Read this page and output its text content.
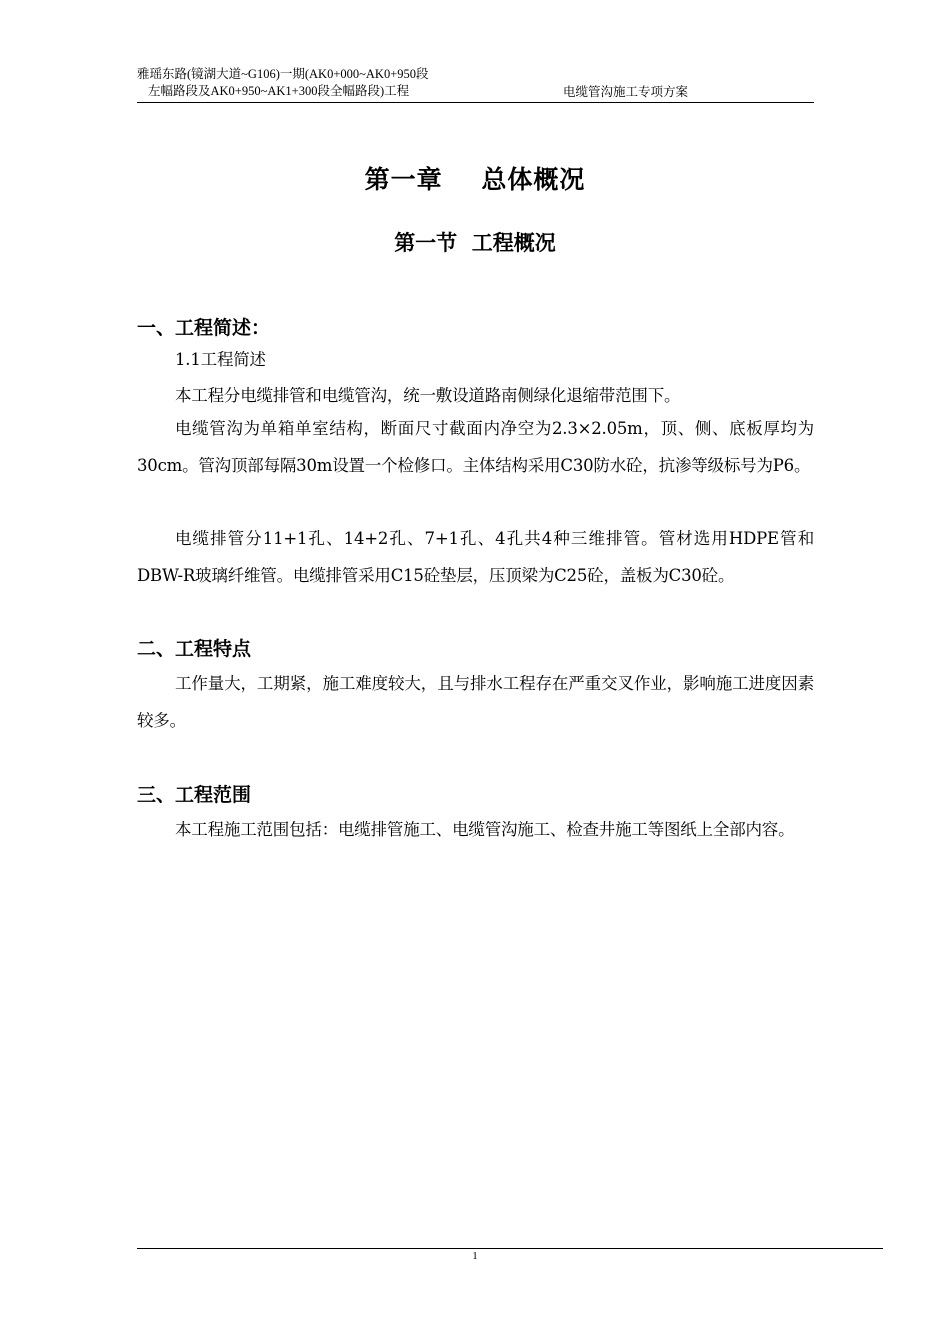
雅瑶东路(镜湖大道~G106)一期(AK0+000~AK0+950段
左幅路段及AK0+950~AK1+300段全幅路段)工程	电缆管沟施工专项方案
第一章    总体概况
第一节  工程概况
一、工程简述：
1.1工程简述
本工程分电缆排管和电缆管沟，统一敷设道路南侧绿化退缩带范围下。
电缆管沟为单箱单室结构，断面尺寸截面内净空为2.3×2.05m，顶、侧、底板厚均为30cm。管沟顶部每隔30m设置一个检修口。主体结构采用C30防水砼，抗渗等级标号为P6。
电缆排管分11+1孔、14+2孔、7+1孔、4孔共4种三维排管。管材选用HDPE管和DBW-R玻璃纤维管。电缆排管采用C15砼垫层，压顶梁为C25砼，盖板为C30砼。
二、工程特点
工作量大，工期紧，施工难度较大，且与排水工程存在严重交叉作业，影响施工进度因素较多。
三、工程范围
本工程施工范围包括：电缆排管施工、电缆管沟施工、检查井施工等图纸上全部内容。
1
